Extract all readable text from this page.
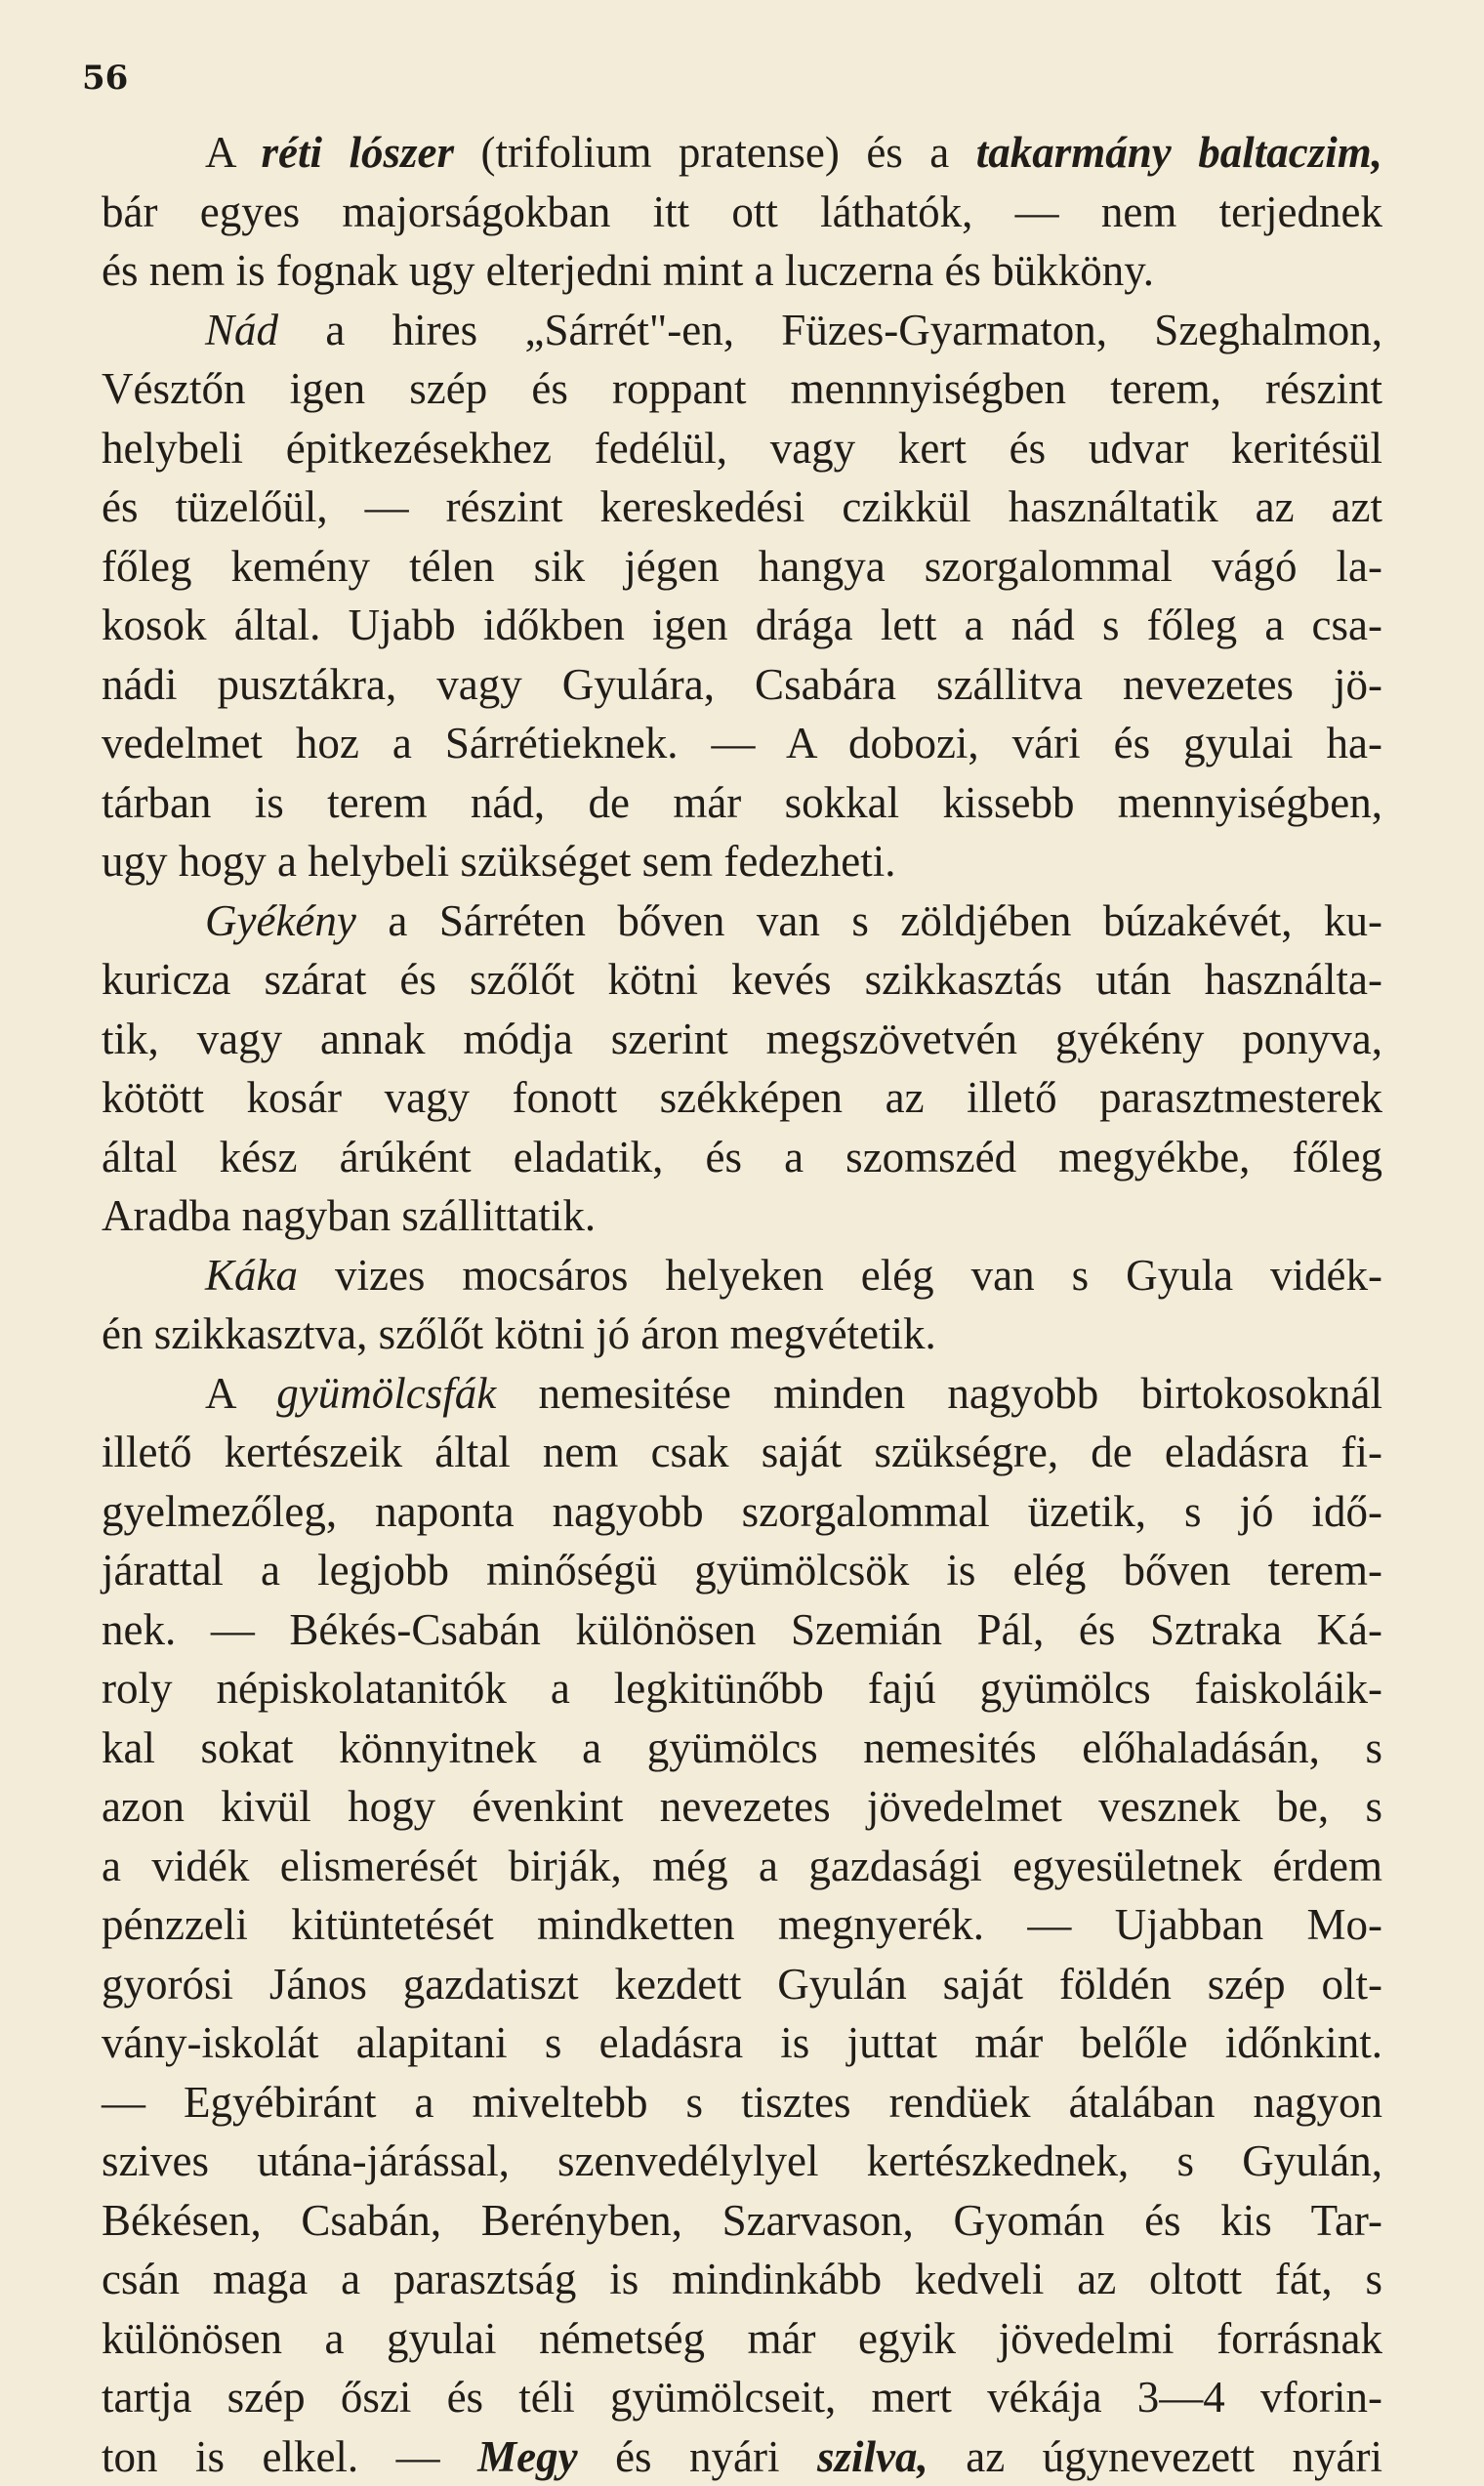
56
A réti lószer (trifolium pratense) és a takarmány baltaczim,
bár egyes majorságokban itt ott láthatók, — nem terjednek
és nem is fognak ugy elterjedni mint a luczerna és bükköny.
Nád a hires „Sárrét"-en, Füzes-Gyarmaton, Szeghalmon,
Vésztőn igen szép és roppant mennnyiségben terem, részint
helybeli épitkezésekhez fedélül, vagy kert és udvar keritésül
és tüzelőül, — részint kereskedési czikkül használtatik az azt
főleg kemény télen sik jégen hangya szorgalommal vágó la-
kosok által. Ujabb időkben igen drága lett a nád s főleg a csa-
nádi pusztákra, vagy Gyulára, Csabára szállitva nevezetes jö-
vedelmet hoz a Sárrétieknek. — A dobozi, vári és gyulai ha-
tárban is terem nád, de már sokkal kissebb mennyiségben,
ugy hogy a helybeli szükséget sem fedezheti.
Gyékény a Sárréten bőven van s zöldjében búzakévét, ku-
kuricza szárat és szőlőt kötni kevés szikkasztás után használta-
tik, vagy annak módja szerint megszövetvén gyékény ponyva,
kötött kosár vagy fonott székképen az illető parasztmesterek
által kész árúként eladatik, és a szomszéd megyékbe, főleg
Aradba nagyban szállittatik.
Káka vizes mocsáros helyeken elég van s Gyula vidék-
én szikkasztva, szőlőt kötni jó áron megvétetik.
A gyümölcsfák nemesitése minden nagyobb birtokosoknál
illető kertészeik által nem csak saját szükségre, de eladásra fi-
gyelmezőleg, naponta nagyobb szorgalommal üzetik, s jó idő-
járattal a legjobb minőségü gyümölcsök is elég bőven terem-
nek. — Békés-Csabán különösen Szemián Pál, és Sztraka Ká-
roly népiskolatanitók a legkitünőbb fajú gyümölcs faiskoláik-
kal sokat könnyitnek a gyümölcs nemesités előhaladásán, s
azon kivül hogy évenkint nevezetes jövedelmet vesznek be, s
a vidék elismerését birják, még a gazdasági egyesületnek érdem
pénzzeli kitüntetését mindketten megnyerék. — Ujabban Mo-
gyorósi János gazdatiszt kezdett Gyulán saját földén szép olt-
vány-iskolát alapitani s eladásra is juttat már belőle időnkint.
— Egyébiránt a miveltebb s tisztes rendüek átalában nagyon
szives utána-járással, szenvedélylyel kertészkednek, s Gyulán,
Békésen, Csabán, Berényben, Szarvason, Gyomán és kis Tar-
csán maga a parasztság is mindinkább kedveli az oltott fát, s
különösen a gyulai németség már egyik jövedelmi forrásnak
tartja szép őszi és téli gyümölcseit, mert vékája 3—4 vforin-
ton is elkel. — Megy és nyári szilva, az úgynevezett nyári
